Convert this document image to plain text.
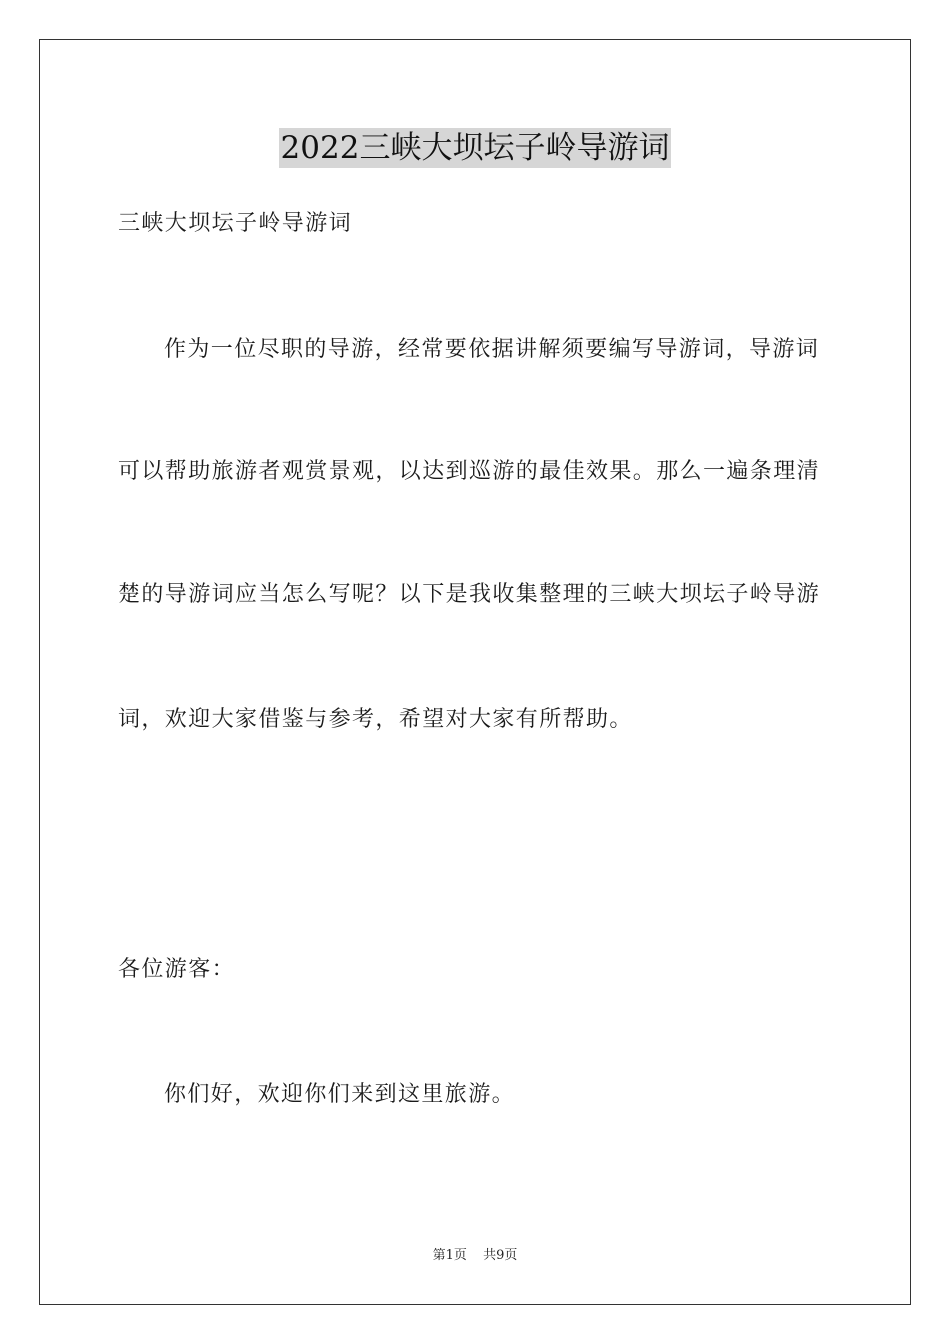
2022三峡大坝坛子岭导游词
三峡大坝坛子岭导游词
作为一位尽职的导游，经常要依据讲解须要编写导游词，导游词
可以帮助旅游者观赏景观，以达到巡游的最佳效果。那么一遍条理清
楚的导游词应当怎么写呢？以下是我收集整理的三峡大坝坛子岭导游
词，欢迎大家借鉴与参考，希望对大家有所帮助。
各位游客：
你们好，欢迎你们来到这里旅游。
第1页 共9页
